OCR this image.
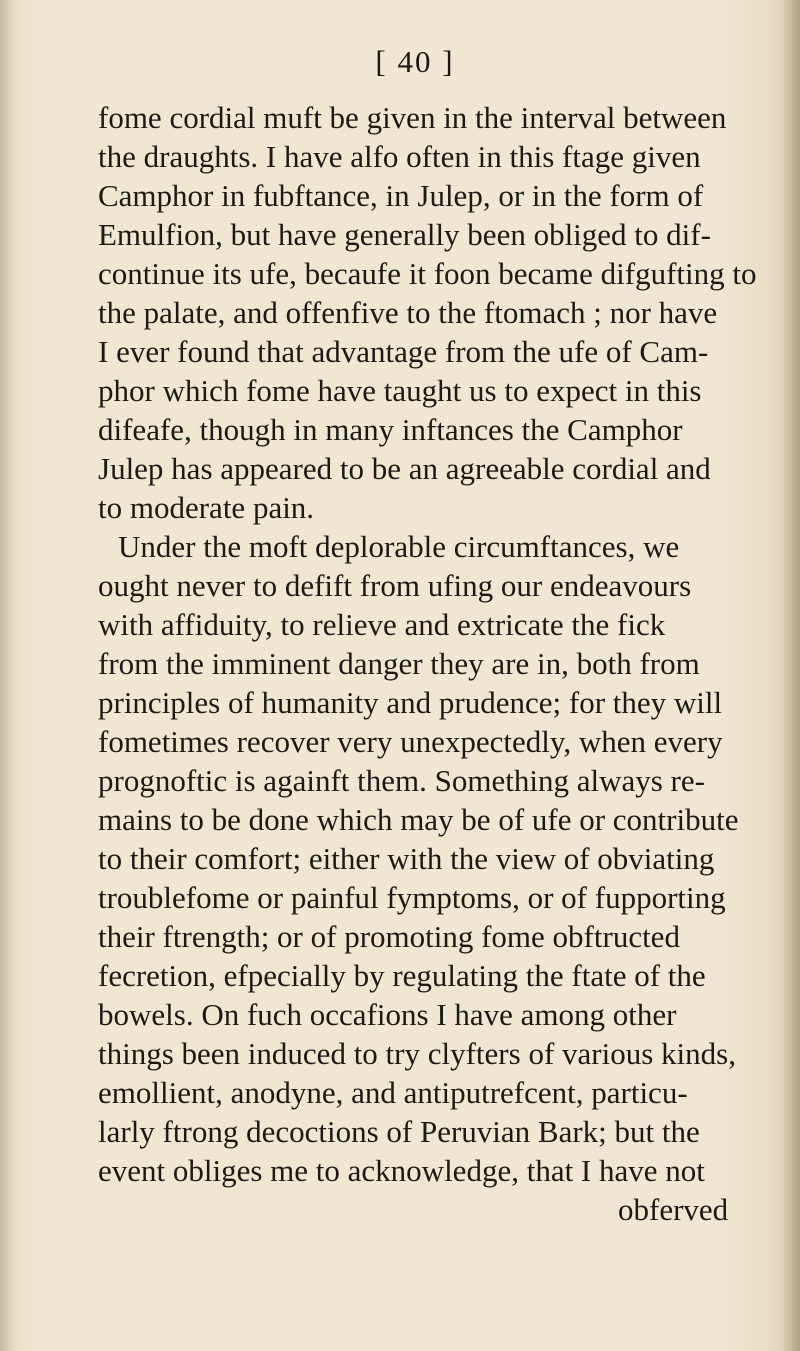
[ 40 ]
fome cordial muft be given in the interval between
the draughts. I have alfo often in this ftage given
Camphor in fubftance, in Julep, or in the form of
Emulfion, but have generally been obliged to dif-
continue its ufe, becaufe it foon became difgufting to
the palate, and offenfive to the ftomach ; nor have
I ever found that advantage from the ufe of Cam-
phor which fome have taught us to expect in this
difeafe, though in many inftances the Camphor
Julep has appeared to be an agreeable cordial and
to moderate pain.
Under the moft deplorable circumftances, we
ought never to defift from ufing our endeavours
with affiduity, to relieve and extricate the fick
from the imminent danger they are in, both from
principles of humanity and prudence; for they will
fometimes recover very unexpectedly, when every
prognoftic is againft them. Something always re-
mains to be done which may be of ufe or contribute
to their comfort; either with the view of obviating
troublefome or painful fymptoms, or of fupporting
their ftrength; or of promoting fome obftructed
fecretion, efpecially by regulating the ftate of the
bowels. On fuch occafions I have among other
things been induced to try clyfters of various kinds,
emollient, anodyne, and antiputrefcent, particu-
larly ftrong decoctions of Peruvian Bark; but the
event obliges me to acknowledge, that I have not
obferved
